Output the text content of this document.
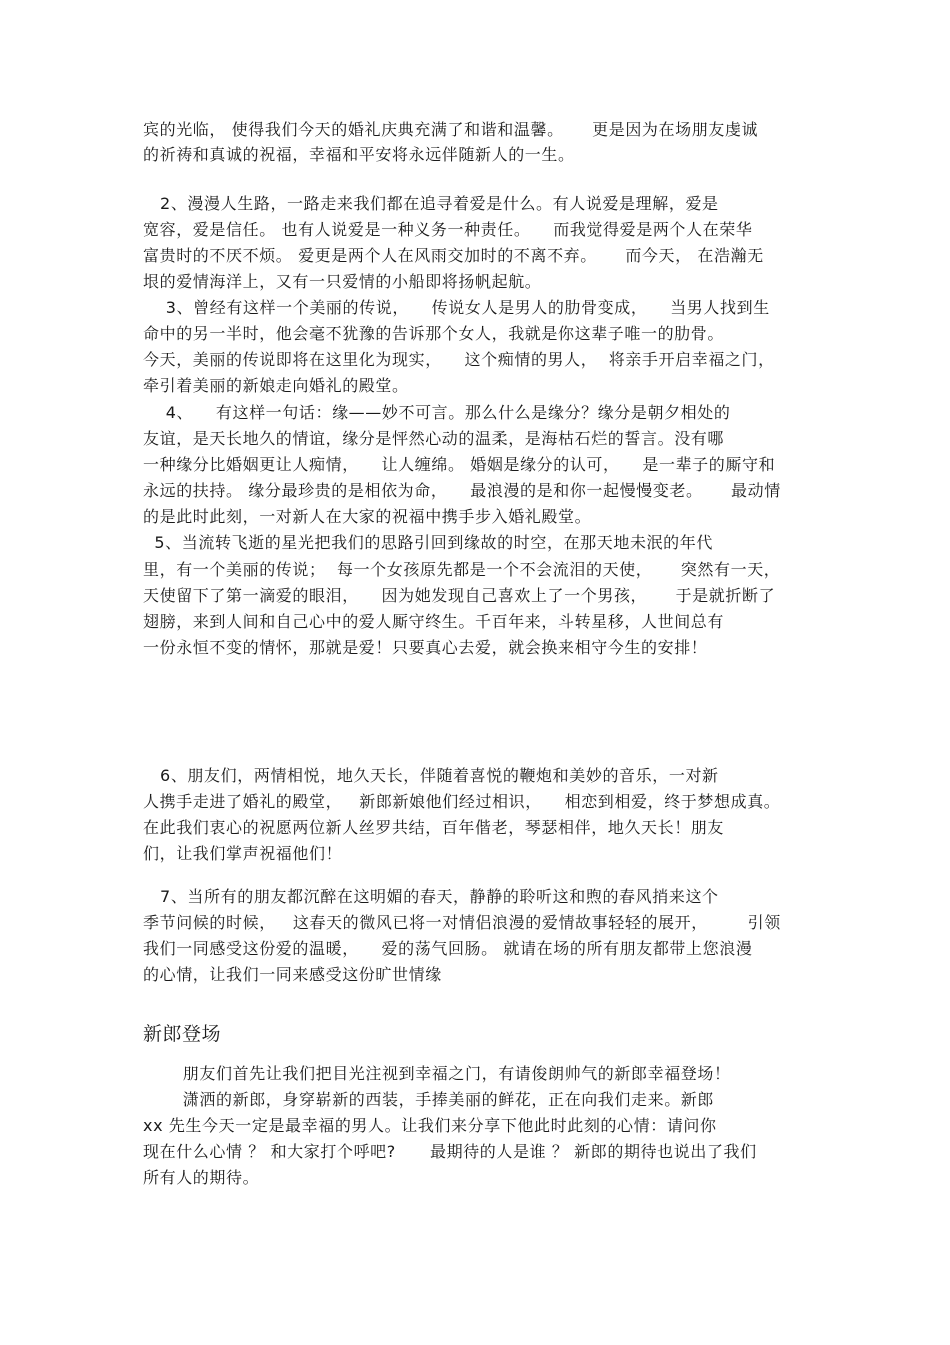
宾的光临， 使得我们今天的婚礼庆典充满了和谐和温馨。     更是因为在场朋友虔诚
的祈祷和真诚的祝福，幸福和平安将永远伴随新人的一生。
2、漫漫人生路，一路走来我们都在追寻着爱是什么。有人说爱是理解，爱是
宽容，爱是信任。 也有人说爱是一种义务一种责任。    而我觉得爱是两个人在荣华
富贵时的不厌不烦。 爱更是两个人在风雨交加时的不离不弃。     而今天， 在浩瀚无
垠的爱情海洋上，又有一只爱情的小船即将扬帆起航。
3、曾经有这样一个美丽的传说，    传说女人是男人的肋骨变成，    当男人找到生
命中的另一半时，他会毫不犹豫的告诉那个女人，我就是你这辈子唯一的肋骨。
今天，美丽的传说即将在这里化为现实，    这个痴情的男人，  将亲手开启幸福之门，
牵引着美丽的新娘走向婚礼的殿堂。
4、    有这样一句话：缘——妙不可言。那么什么是缘分？缘分是朝夕相处的
友谊，是天长地久的情谊，缘分是怦然心动的温柔，是海枯石烂的誓言。没有哪
一种缘分比婚姻更让人痴情，    让人缠绵。 婚姻是缘分的认可，    是一辈子的厮守和
永远的扶持。 缘分最珍贵的是相依为命，    最浪漫的是和你一起慢慢变老。     最动情
的是此时此刻，一对新人在大家的祝福中携手步入婚礼殿堂。
5、当流转飞逝的星光把我们的思路引回到缘故的时空，在那天地未泯的年代
里，有一个美丽的传说；  每一个女孩原先都是一个不会流泪的天使，     突然有一天，
天使留下了第一滴爱的眼泪，    因为她发现自己喜欢上了一个男孩，     于是就折断了
翅膀，来到人间和自己心中的爱人厮守终生。千百年来，斗转星移，人世间总有
一份永恒不变的情怀，那就是爱！只要真心去爱，就会换来相守今生的安排！
6、朋友们，两情相悦，地久天长，伴随着喜悦的鞭炮和美妙的音乐，一对新
人携手走进了婚礼的殿堂，   新郎新娘他们经过相识，    相恋到相爱，终于梦想成真。
在此我们衷心的祝愿两位新人丝罗共结，百年偕老，琴瑟相伴，地久天长！朋友
们，让我们掌声祝福他们！
7、当所有的朋友都沉醉在这明媚的春天，静静的聆听这和煦的春风捎来这个
季节问候的时候，   这春天的微风已将一对情侣浪漫的爱情故事轻轻的展开，       引领
我们一同感受这份爱的温暖，    爱的荡气回肠。 就请在场的所有朋友都带上您浪漫
的心情，让我们一同来感受这份旷世情缘
新郎登场
朋友们首先让我们把目光注视到幸福之门，有请俊朗帅气的新郎幸福登场！
潇洒的新郎，身穿崭新的西装，手捧美丽的鲜花，正在向我们走来。新郎
xx 先生今天一定是最幸福的男人。让我们来分享下他此时此刻的心情：请问你
现在什么心情 ？ 和大家打个呼吧?      最期待的人是谁 ？ 新郎的期待也说出了我们
所有人的期待。
